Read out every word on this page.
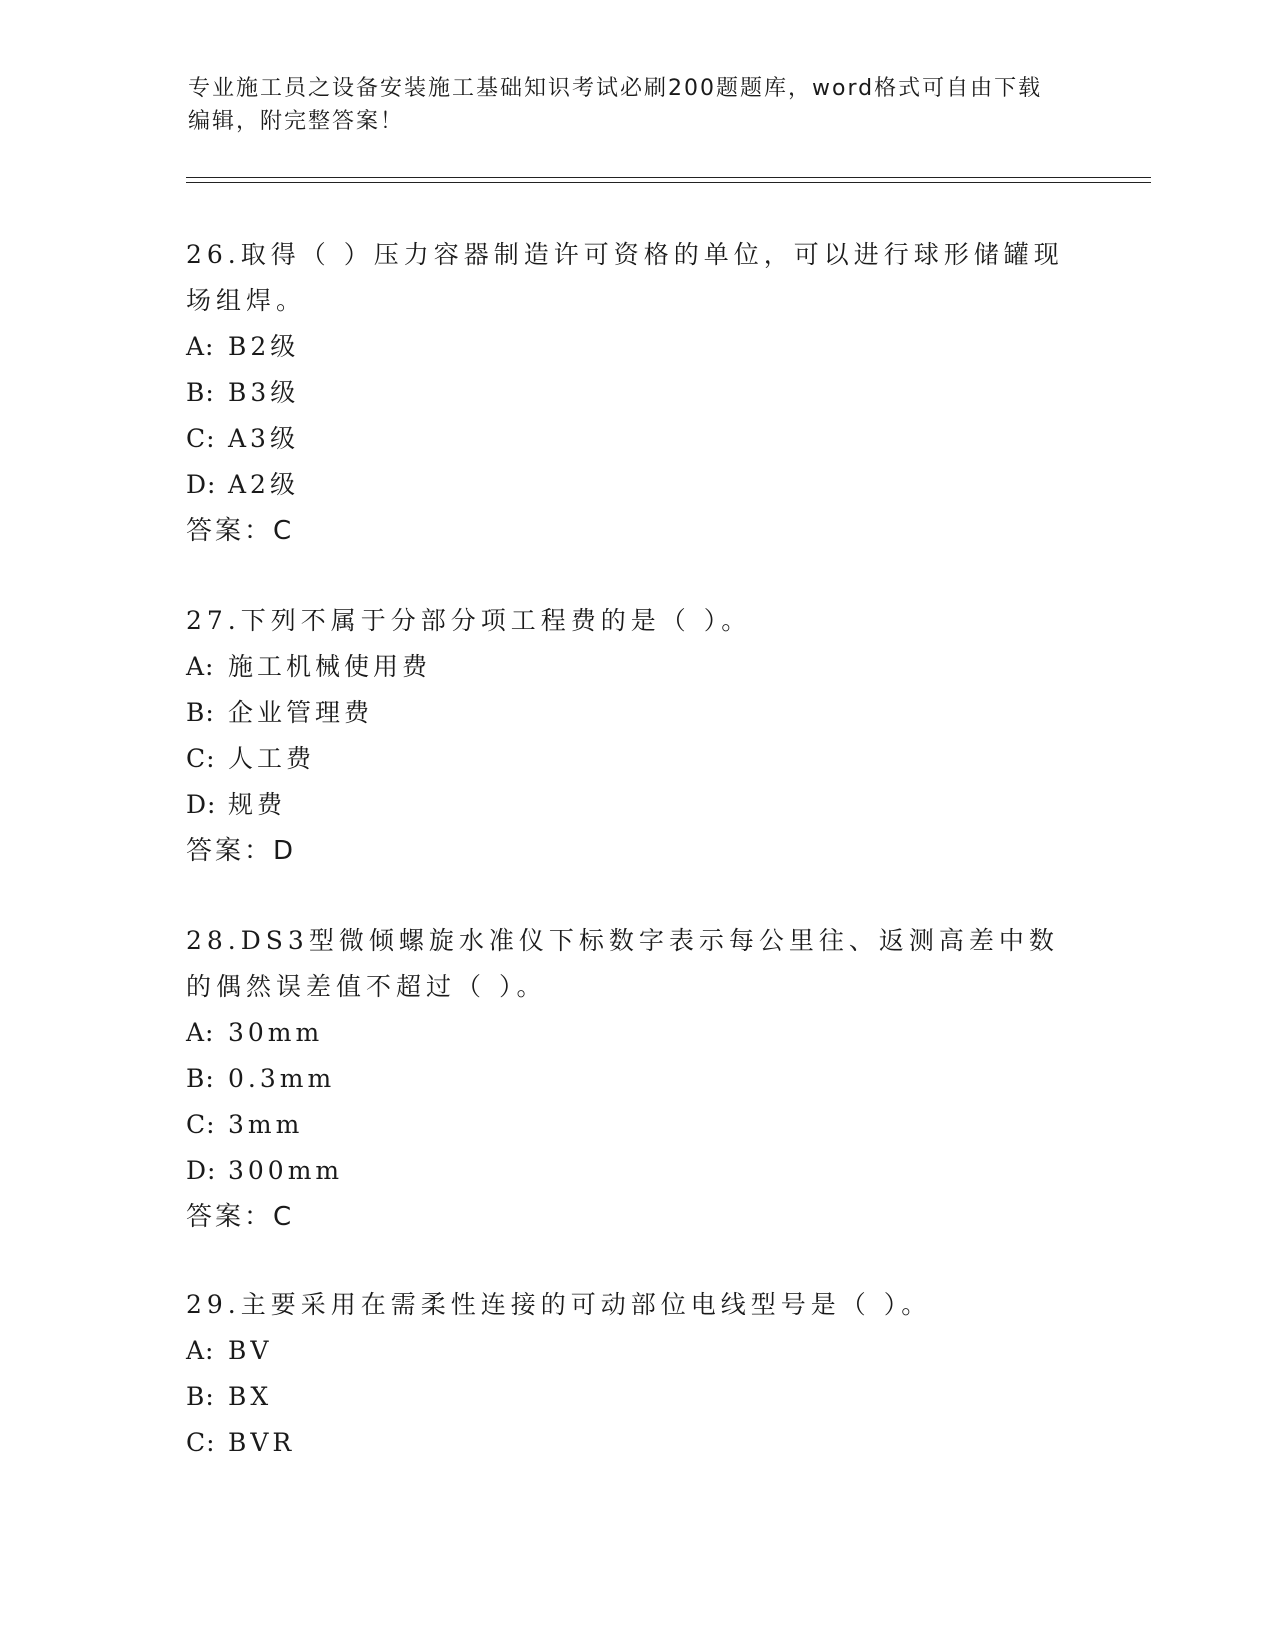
专业施工员之设备安装施工基础知识考试必刷200题题库，word格式可自由下载
编辑，附完整答案！

26.取得（ ）压力容器制造许可资格的单位，可以进行球形储罐现场组焊。

A: B2级

B: B3级

C: A3级

D: A2级

答案：C

27.下列不属于分部分项工程费的是（ ）。

A: 施工机械使用费

B: 企业管理费

C: 人工费

D: 规费

答案：D

28.DS3型微倾螺旋水准仪下标数字表示每公里往、返测高差中数的偶然误差值不超过（ ）。

A: 30mm

B: 0.3mm

C: 3mm

D: 300mm

答案：C

29.主要采用在需柔性连接的可动部位电线型号是（ ）。

A: BV

B: BX

C: BVR
